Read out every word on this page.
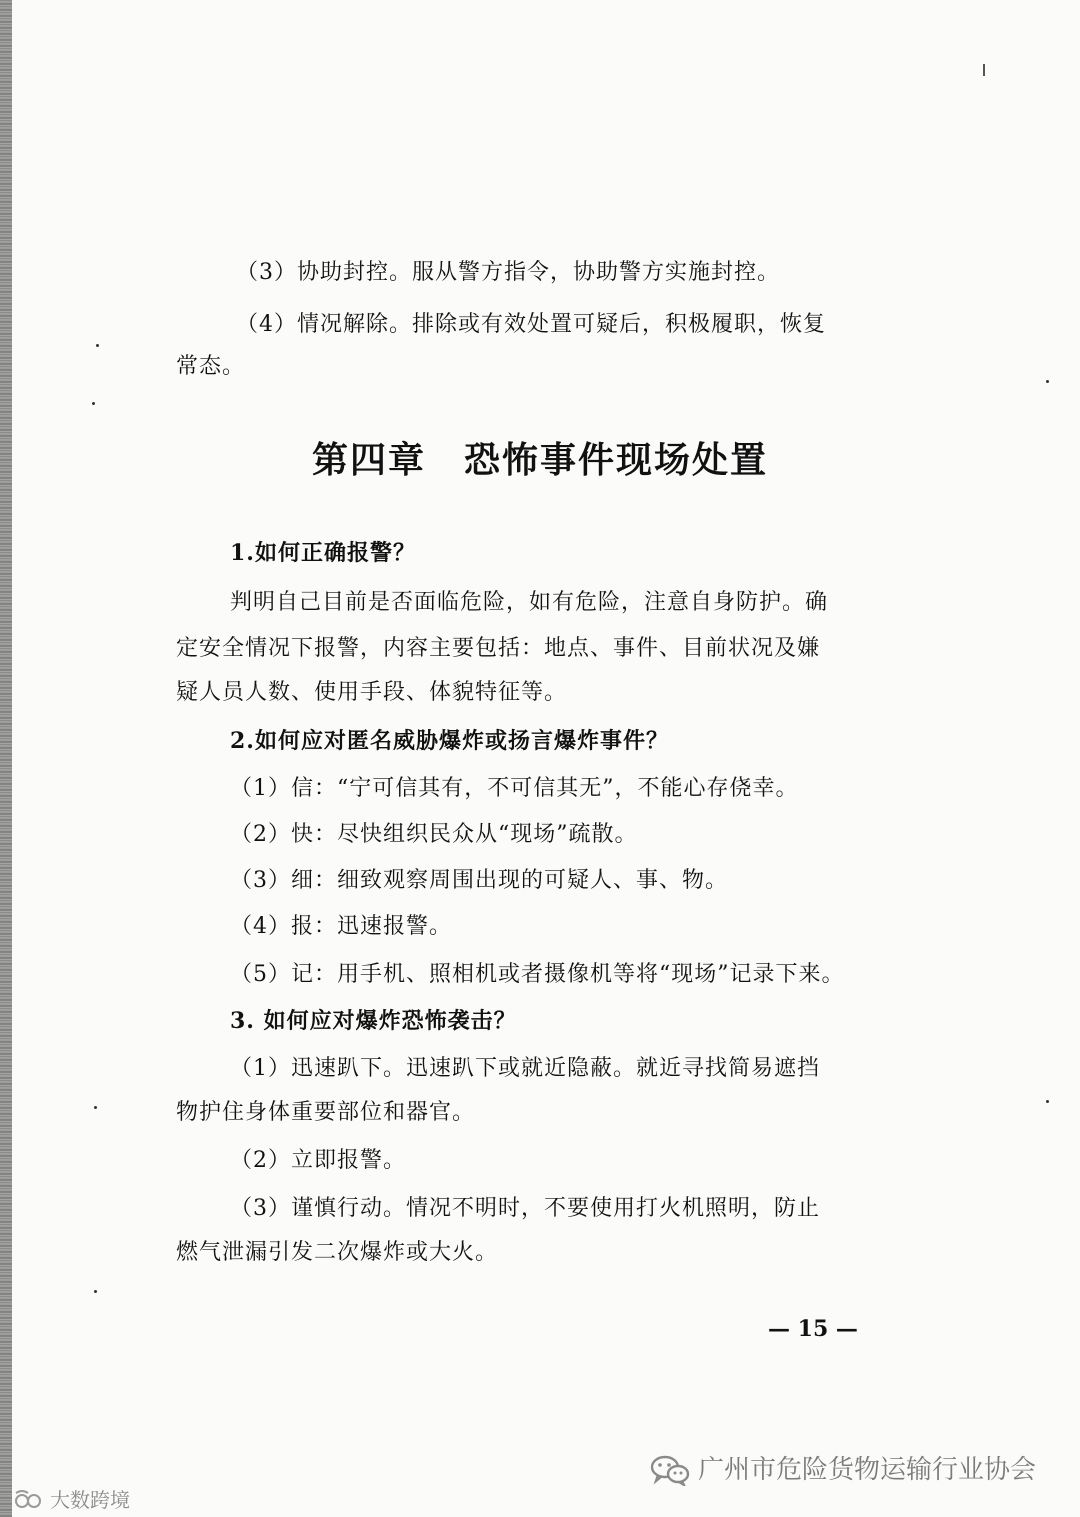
（3）协助封控。服从警方指令，协助警方实施封控。
（4）情况解除。排除或有效处置可疑后，积极履职，恢复
常态。
第四章　恐怖事件现场处置
1.如何正确报警？
判明自己目前是否面临危险，如有危险，注意自身防护。确
定安全情况下报警，内容主要包括：地点、事件、目前状况及嫌
疑人员人数、使用手段、体貌特征等。
2.如何应对匿名威胁爆炸或扬言爆炸事件？
（1）信：“宁可信其有，不可信其无”，不能心存侥幸。
（2）快：尽快组织民众从“现场”疏散。
（3）细：细致观察周围出现的可疑人、事、物。
（4）报：迅速报警。
（5）记：用手机、照相机或者摄像机等将“现场”记录下来。
3. 如何应对爆炸恐怖袭击？
（1）迅速趴下。迅速趴下或就近隐蔽。就近寻找简易遮挡
物护住身体重要部位和器官。
（2）立即报警。
（3）谨慎行动。情况不明时，不要使用打火机照明，防止
燃气泄漏引发二次爆炸或大火。
— 15 —
广州市危险货物运输行业协会
大数跨境
